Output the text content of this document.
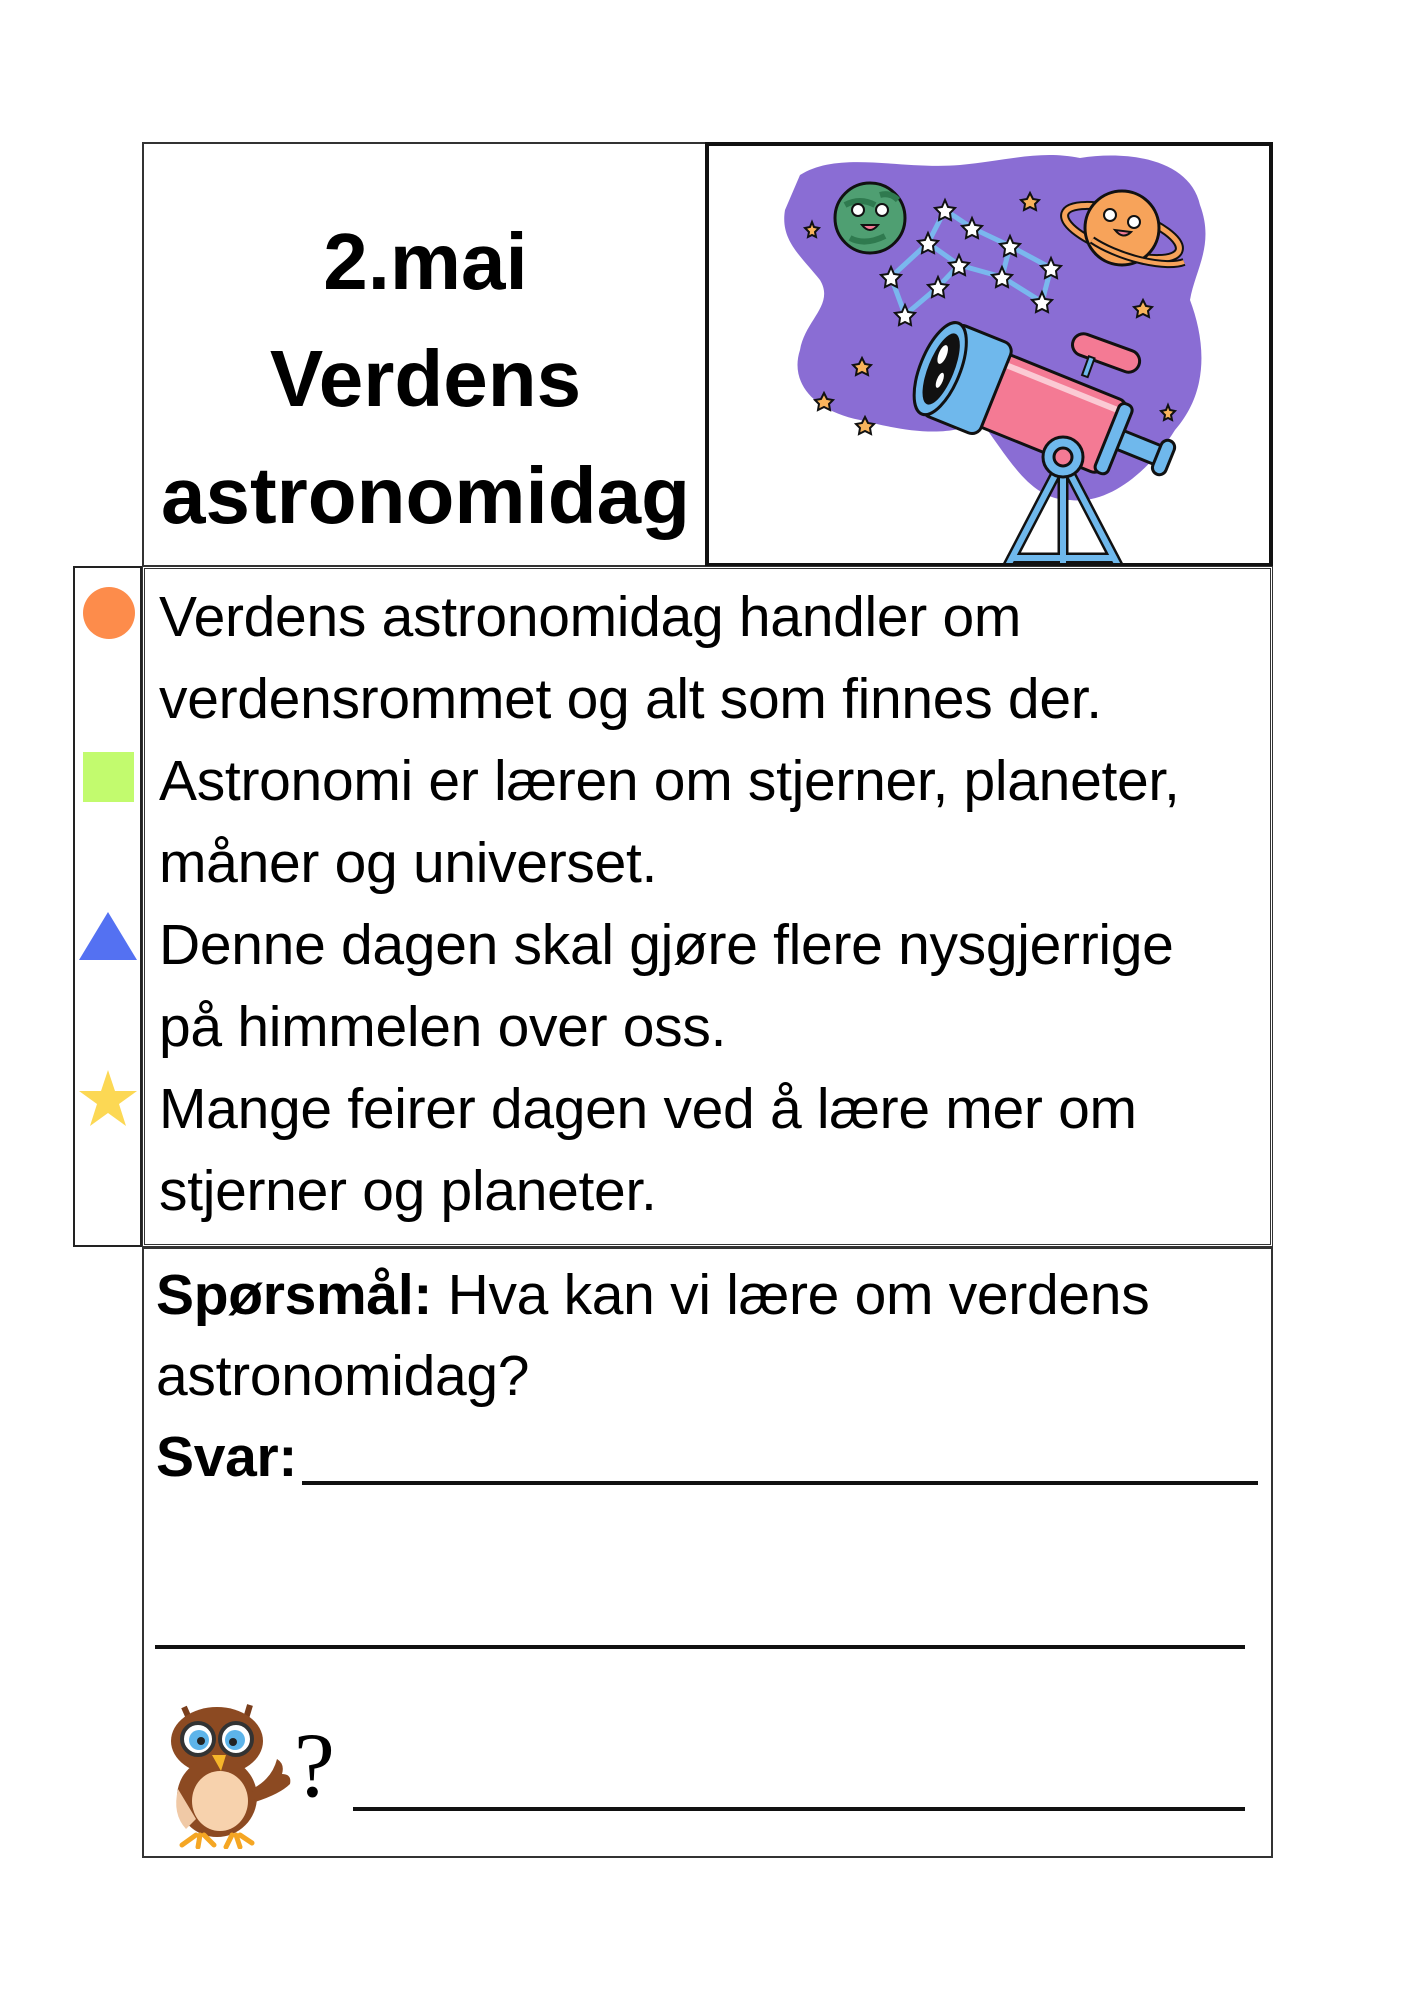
2.mai
Verdens
astronomidag
Verdens astronomidag handler om
verdensrommet og alt som finnes der.
Astronomi er læren om stjerner, planeter,
måner og universet.
Denne dagen skal gjøre flere nysgjerrige
på himmelen over oss.
Mange feirer dagen ved å lære mer om
stjerner og planeter.
Spørsmål: Hva kan vi lære om verdens
astronomidag?
Svar:
?
